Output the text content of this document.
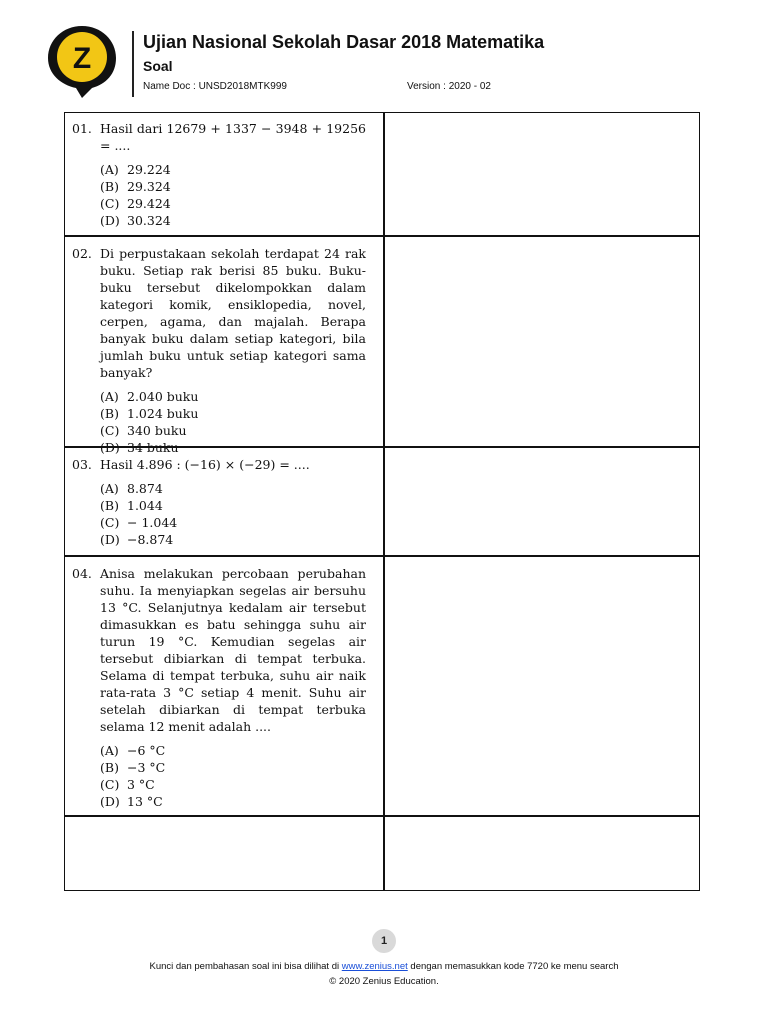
Z	Ujian Nasional Sekolah Dasar 2018 Matematika
Soal
Name Doc : UNSD2018MTK999	Version : 2020 - 02
01. Hasil dari 12679 + 1337 − 3948 + 19256 = ....
(A) 29.224
(B) 29.324
(C) 29.424
(D) 30.324
02. Di perpustakaan sekolah terdapat 24 rak buku. Setiap rak berisi 85 buku. Buku-buku tersebut dikelompokkan dalam kategori komik, ensiklopedia, novel, cerpen, agama, dan majalah. Berapa banyak buku dalam setiap kategori, bila jumlah buku untuk setiap kategori sama banyak?
(A) 2.040 buku
(B) 1.024 buku
(C) 340 buku
(D) 34 buku
03. Hasil 4.896 : (−16) × (−29) = ....
(A) 8.874
(B) 1.044
(C) − 1.044
(D) −8.874
04. Anisa melakukan percobaan perubahan suhu. Ia menyiapkan segelas air bersuhu 13 °C. Selanjutnya kedalam air tersebut dimasukkan es batu sehingga suhu air turun 19 °C. Kemudian segelas air tersebut dibiarkan di tempat terbuka. Selama di tempat terbuka, suhu air naik rata-rata 3 °C setiap 4 menit. Suhu air setelah dibiarkan di tempat terbuka selama 12 menit adalah ....
(A) −6 °C
(B) −3 °C
(C) 3 °C
(D) 13 °C
1
Kunci dan pembahasan soal ini bisa dilihat di www.zenius.net dengan memasukkan kode 7720 ke menu search
© 2020 Zenius Education.
